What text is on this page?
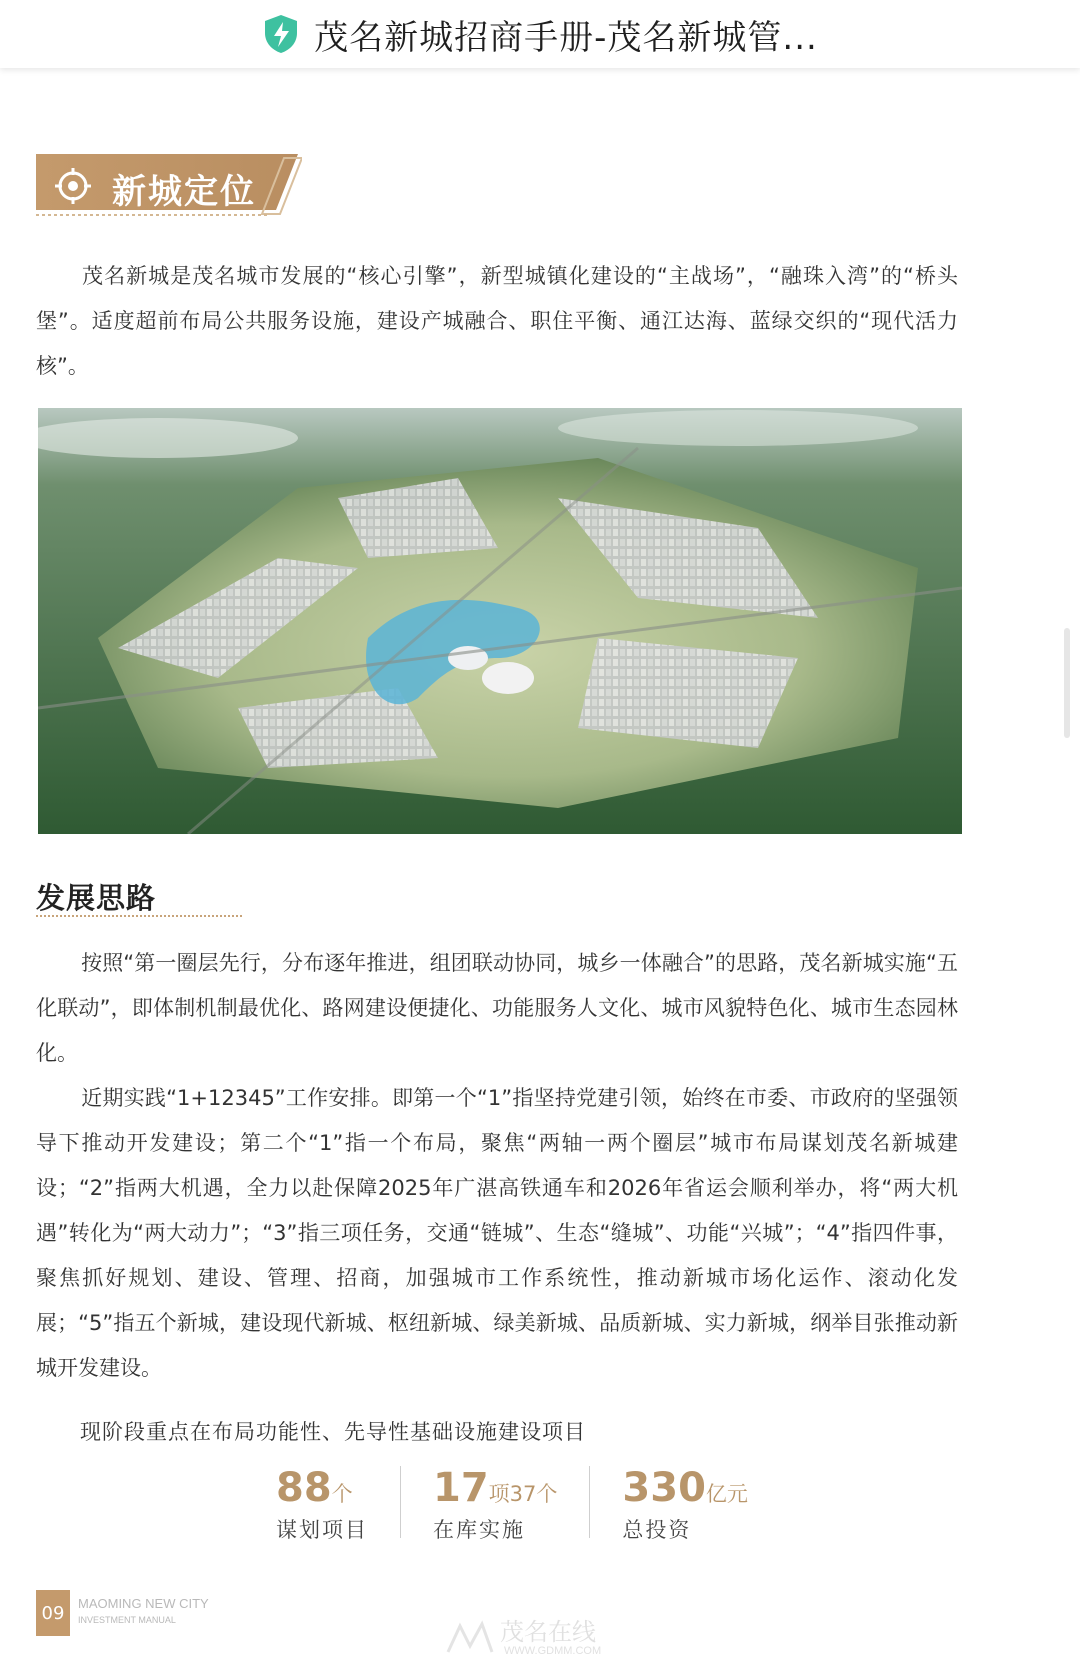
茂名新城招商手册-茂名新城管...
新城定位
茂名新城是茂名城市发展的“核心引擎”，新型城镇化建设的“主战场”，“融珠入湾”的“桥头堡”。适度超前布局公共服务设施，建设产城融合、职住平衡、通江达海、蓝绿交织的“现代活力核”。
发展思路
按照“第一圈层先行，分布逐年推进，组团联动协同，城乡一体融合”的思路，茂名新城实施“五化联动”，即体制机制最优化、路网建设便捷化、功能服务人文化、城市风貌特色化、城市生态园林化。
近期实践“1+12345”工作安排。即第一个“1”指坚持党建引领，始终在市委、市政府的坚强领导下推动开发建设；第二个“1”指一个布局，聚焦“两轴一两个圈层”城市布局谋划茂名新城建设；“2”指两大机遇，全力以赴保障2025年广湛高铁通车和2026年省运会顺利举办，将“两大机遇”转化为“两大动力”；“3”指三项任务，交通“链城”、生态“缝城”、功能“兴城”；“4”指四件事，聚焦抓好规划、建设、管理、招商，加强城市工作系统性，推动新城市场化运作、滚动化发展；“5”指五个新城，建设现代新城、枢纽新城、绿美新城、品质新城、实力新城，纲举目张推动新城开发建设。
现阶段重点在布局功能性、先导性基础设施建设项目
88个
谋划项目
17项37个
在库实施
330亿元
总投资
09	MAOMING NEW CITY
INVESTMENT MANUAL	茂名在线
WWW.GDMM.COM
